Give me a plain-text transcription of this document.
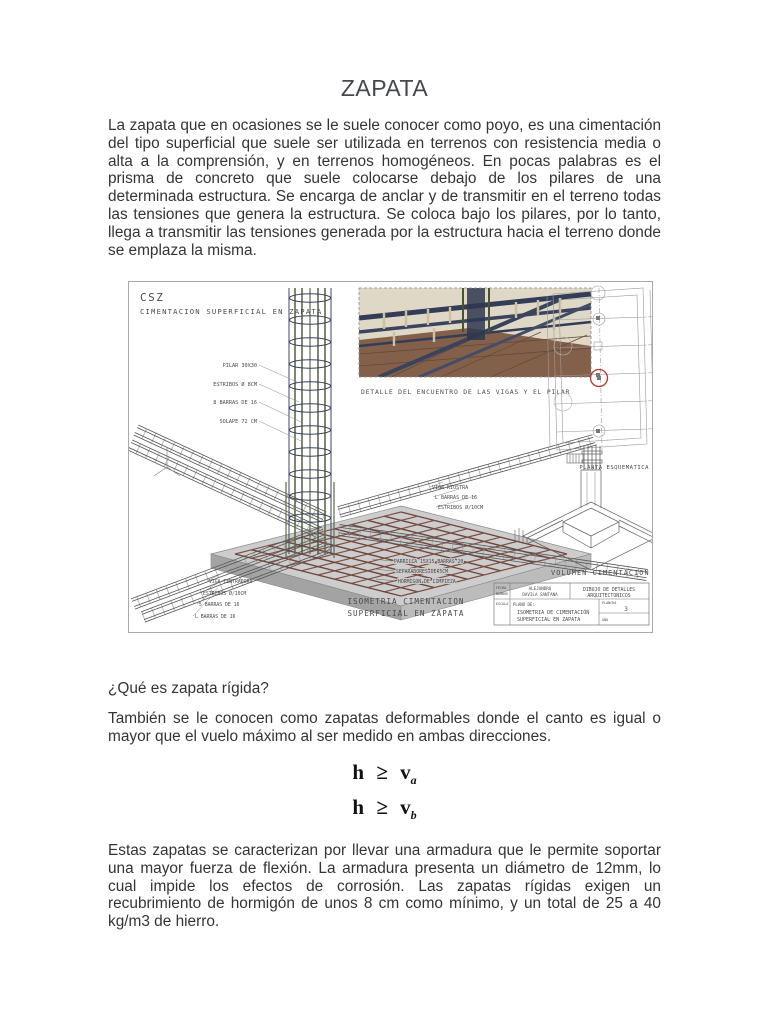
ZAPATA

La zapata que en ocasiones se le suele conocer como poyo, es una cimentación del tipo superficial que suele ser utilizada en terrenos con resistencia media o alta a la comprensión, y en terrenos homogéneos. En pocas palabras es el prisma de concreto que suele colocarse debajo de los pilares de una determinada estructura. Se encarga de anclar y de transmitir en el terreno todas las tensiones que genera la estructura. Se coloca bajo los pilares, por lo tanto, llega a transmitir las tensiones generada por la estructura hacia el terreno donde se emplaza la misma.

CSZ
CIMENTACION SUPERFICIAL EN ZAPATA
PILAR 30X30
ESTRIBOS Ø 8CM
8 BARRAS DE 16
SOLAPE 72 CM
VIGA RIOSTRA
L BARRAS DE 16
ESTRIBOS Ø/10CM
VIGA CENTRADORA
ESTRIBOS Ø/10CM
5 BARRAS DE 16
L BARRAS DE 16
PARRILLA 15X15 BARRAS 20
SEPARADORES DE 5CM
HORMIGON DE LIMPIEZA
DETALLE DEL ENCUENTRO DE LAS VIGAS Y EL PILAR
PLANTA ESQUEMATICA
VOLUMEN CIMENTACION
ISOMETRIA CIMENTACION
SUPERFICIAL EN ZAPATA
FECHA
NOMBRE
ALEJANDRO
DAVILA SANTANA
DIBUJO DE DETALLES
ARQUITECTONICOS
ESCALA PLANO DE:
ISOMETRIA DE CIMENTACIÓN
SUPERFICIAL EN ZAPATA
PLANCHA
3
AÑO
¿Qué es zapata rígida?

También se le conocen como zapatas deformables donde el canto es igual o mayor que el vuelo máximo al ser medido en ambas direcciones.

$h \ge v_a$
$h \ge v_b$

Estas zapatas se caracterizan por llevar una armadura que le permite soportar una mayor fuerza de flexión. La armadura presenta un diámetro de 12mm, lo cual impide los efectos de corrosión. Las zapatas rígidas exigen un recubrimiento de hormigón de unos 8 cm como mínimo, y un total de 25 a 40 kg/m3 de hierro.
